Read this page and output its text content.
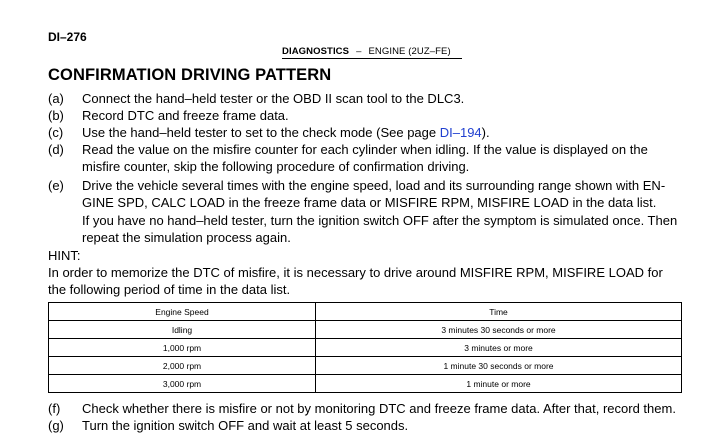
DI–276
DIAGNOSTICS – ENGINE (2UZ–FE)
CONFIRMATION DRIVING PATTERN
(a) Connect the hand–held tester or the OBD II scan tool to the DLC3.
(b) Record DTC and freeze frame data.
(c) Use the hand–held tester to set to the check mode (See page DI–194).
(d) Read the value on the misfire counter for each cylinder when idling. If the value is displayed on the
misfire counter, skip the following procedure of confirmation driving.
(e) Drive the vehicle several times with the engine speed, load and its surrounding range shown with EN-
GINE SPD, CALC LOAD in the freeze frame data or MISFIRE RPM, MISFIRE LOAD in the data list.
If you have no hand–held tester, turn the ignition switch OFF after the symptom is simulated once. Then
repeat the simulation process again.
HINT:
In order to memorize the DTC of misfire, it is necessary to drive around MISFIRE RPM, MISFIRE LOAD for
the following period of time in the data list.
Engine Speed	Time
Idling	3 minutes 30 seconds or more
1,000 rpm	3 minutes or more
2,000 rpm	1 minute 30 seconds or more
3,000 rpm	1 minute or more
(f) Check whether there is misfire or not by monitoring DTC and freeze frame data. After that, record them.
(g) Turn the ignition switch OFF and wait at least 5 seconds.
